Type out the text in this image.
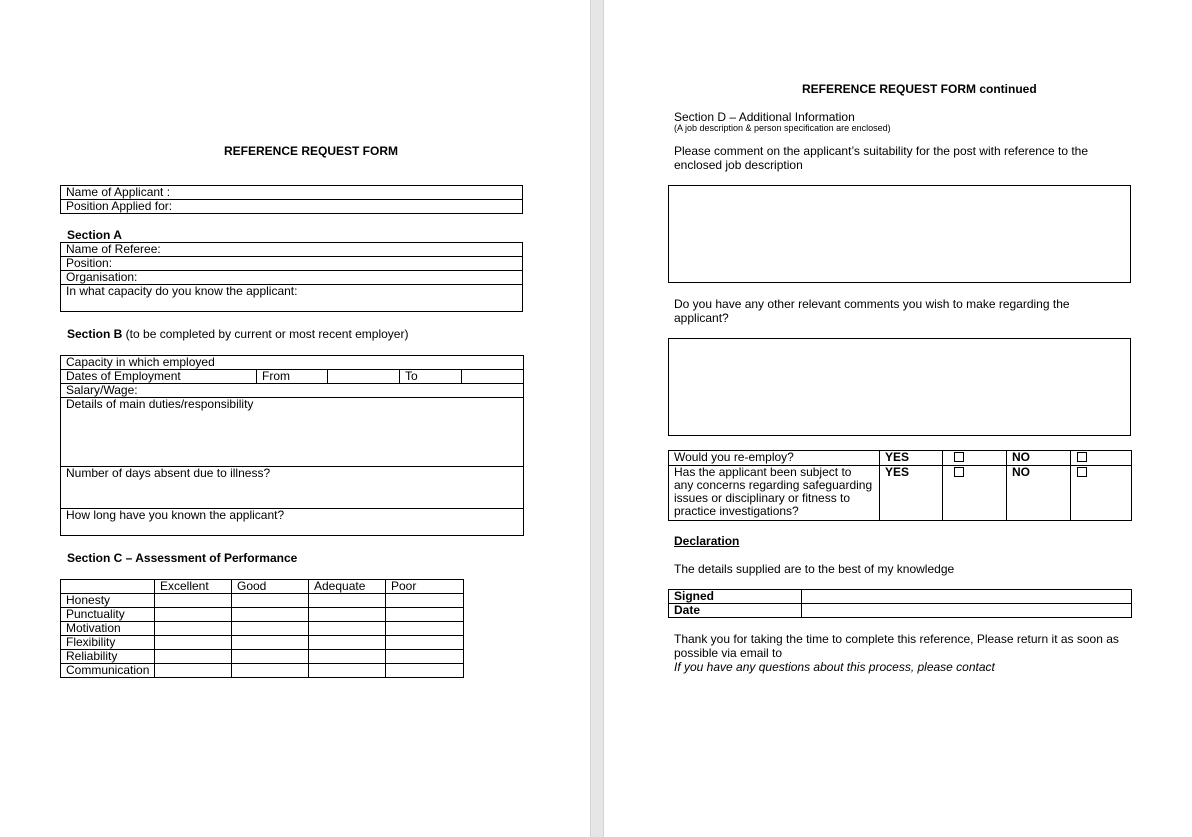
REFERENCE REQUEST FORM
Name of Applicant :
Position Applied for:
Section A
Name of Referee:
Position:
Organisation:
In what capacity do you know the applicant:
Section B (to be completed by current or most recent employer)
Capacity in which employed
Dates of Employment	From		To	
Salary/Wage:
Details of main duties/responsibility
Number of days absent due to illness?
How long have you known the applicant?
Section C – Assessment of Performance
	Excellent	Good	Adequate	Poor
Honesty				
Punctuality				
Motivation				
Flexibility				
Reliability				
Communication				
REFERENCE REQUEST FORM continued
Section D – Additional Information
(A job description & person specification are enclosed)
Please comment on the applicant’s suitability for the post with reference to the enclosed job description
Do you have any other relevant comments you wish to make regarding the applicant?
Would you re-employ?	YES		NO	
Has the applicant been subject to any concerns regarding safeguarding issues or disciplinary or fitness to practice investigations?	YES		NO	
Declaration
The details supplied are to the best of my knowledge
Signed	
Date	
Thank you for taking the time to complete this reference, Please return it as soon as possible via email to
If you have any questions about this process, please contact
